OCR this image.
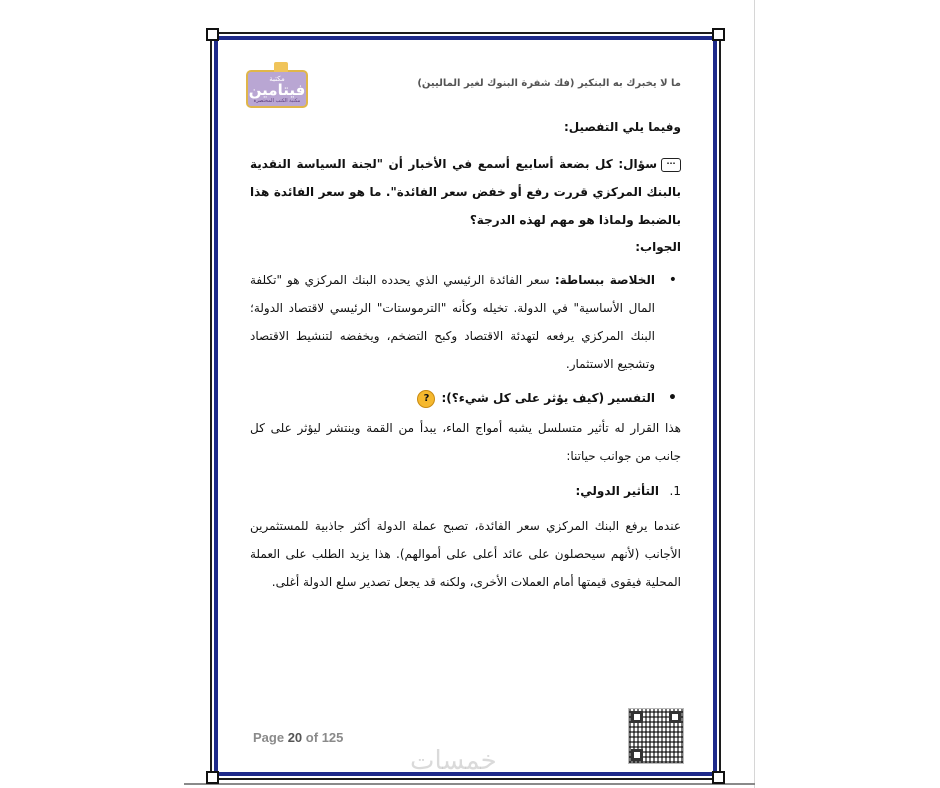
مكتبة
فيتامين
مكتبة الكتب المختصرة
ما لا يخبرك به البنكير (فك شفرة البنوك لغير الماليين)

وفيما يلي التفصيل:

···سؤال: كل بضعة أسابيع أسمع في الأخبار أن "لجنة السياسة النقدية بالبنك المركزي قررت رفع أو خفض سعر الفائدة". ما هو سعر الفائدة هذا بالضبط ولماذا هو مهم لهذه الدرجة؟

الجواب:

• الخلاصة ببساطة: سعر الفائدة الرئيسي الذي يحدده البنك المركزي هو "تكلفة المال الأساسية" في الدولة. تخيله وكأنه "الترموستات" الرئيسي لاقتصاد الدولة؛ البنك المركزي يرفعه لتهدئة الاقتصاد وكبح التضخم، ويخفضه لتنشيط الاقتصاد وتشجيع الاستثمار.
• التفسير (كيف يؤثر على كل شيء؟):?

هذا القرار له تأثير متسلسل يشبه أمواج الماء، يبدأ من القمة وينتشر ليؤثر على كل جانب من جوانب حياتنا:

1.
التأثير الدولي:

عندما يرفع البنك المركزي سعر الفائدة، تصبح عملة الدولة أكثر جاذبية للمستثمرين الأجانب (لأنهم سيحصلون على عائد أعلى على أموالهم). هذا يزيد الطلب على العملة المحلية فيقوى قيمتها أمام العملات الأخرى، ولكنه قد يجعل تصدير سلع الدولة أغلى.

Page 20 of 125
خمسات
